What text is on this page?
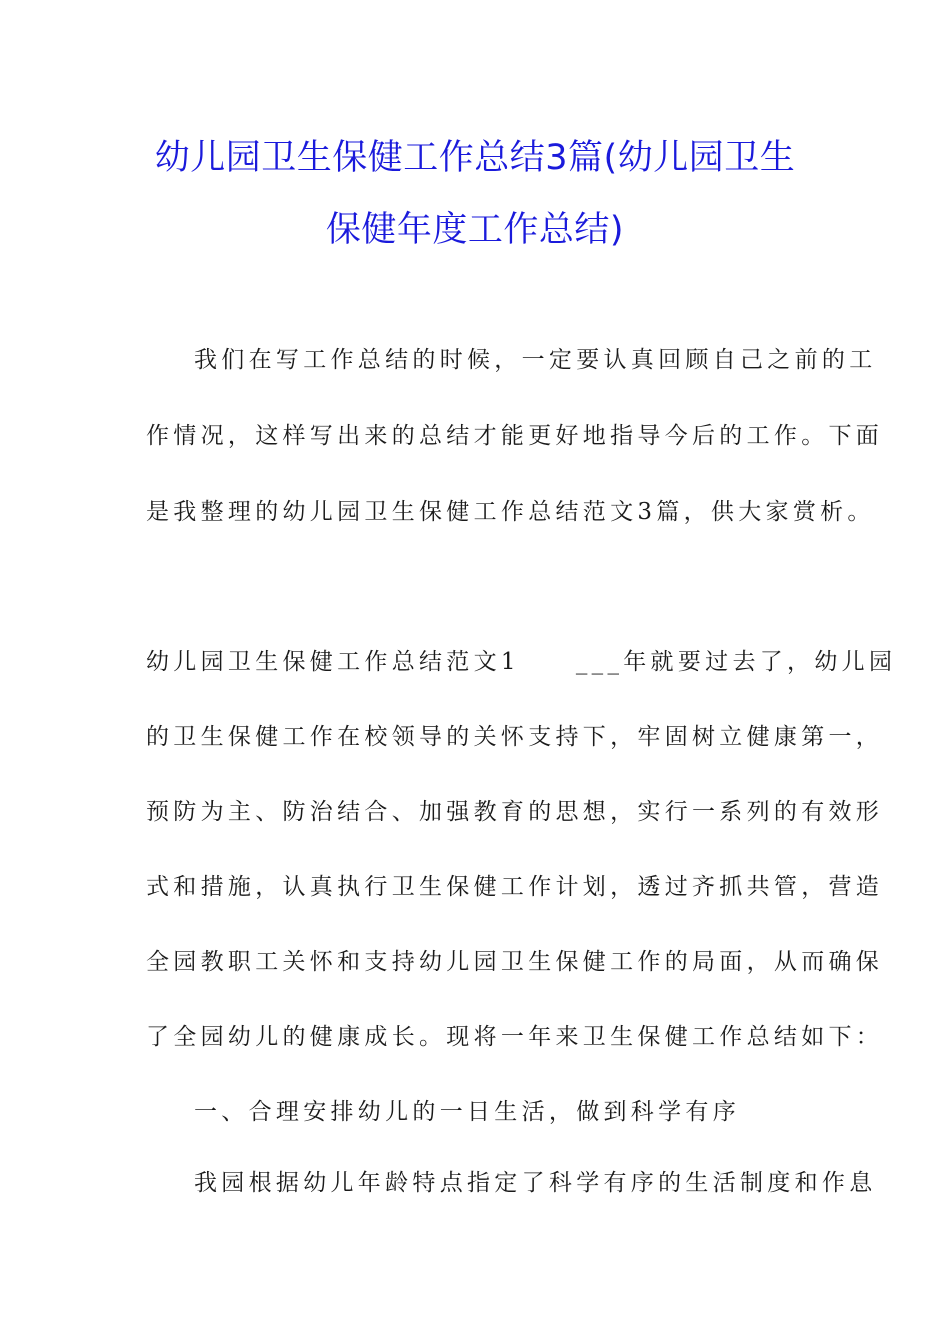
幼儿园卫生保健工作总结3篇(幼儿园卫生
保健年度工作总结)
我们在写工作总结的时候，一定要认真回顾自己之前的工
作情况，这样写出来的总结才能更好地指导今后的工作。下面
是我整理的幼儿园卫生保健工作总结范文3篇，供大家赏析。
幼儿园卫生保健工作总结范文1 ___年就要过去了，幼儿园
的卫生保健工作在校领导的关怀支持下，牢固树立健康第一，
预防为主、防治结合、加强教育的思想，实行一系列的有效形
式和措施，认真执行卫生保健工作计划，透过齐抓共管，营造
全园教职工关怀和支持幼儿园卫生保健工作的局面，从而确保
了全园幼儿的健康成长。现将一年来卫生保健工作总结如下：
一、合理安排幼儿的一日生活，做到科学有序
我园根据幼儿年龄特点指定了科学有序的生活制度和作息
